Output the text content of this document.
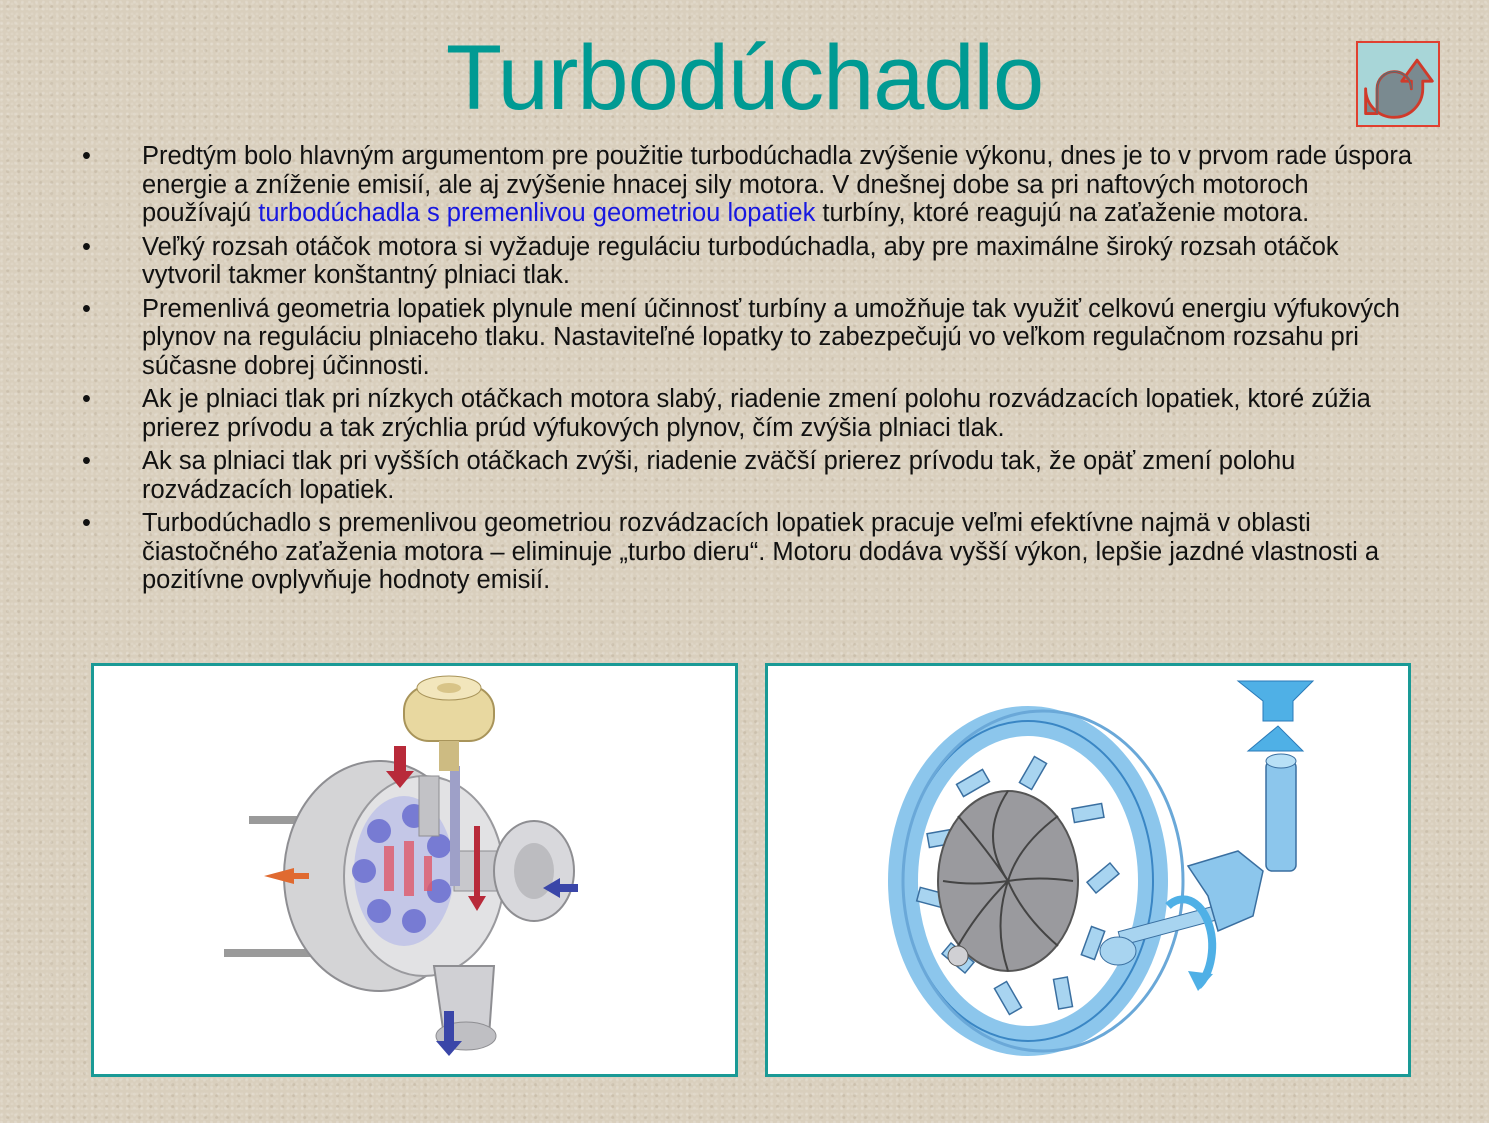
Turbodúchadlo
•	Predtým bolo hlavným argumentom pre použitie turbodúchadla zvýšenie výkonu, dnes je to v prvom rade úspora energie a zníženie emisií, ale aj zvýšenie hnacej sily motora. V dnešnej dobe sa pri naftových motoroch používajú turbodúchadla s premenlivou geometriou lopatiek turbíny, ktoré reagujú na zaťaženie motora.
•	Veľký rozsah otáčok motora si vyžaduje reguláciu turbodúchadla, aby pre maximálne široký rozsah otáčok vytvoril takmer konštantný plniaci tlak.
•	Premenlivá geometria lopatiek plynule mení účinnosť turbíny a umožňuje tak využiť celkovú energiu výfukových plynov na reguláciu plniaceho tlaku. Nastaviteľné lopatky to zabezpečujú vo veľkom regulačnom rozsahu pri súčasne dobrej účinnosti.
•	Ak je plniaci tlak pri nízkych otáčkach motora slabý, riadenie zmení polohu rozvádzacích lopatiek, ktoré zúžia prierez prívodu a tak zrýchlia prúd výfukových plynov, čím zvýšia plniaci tlak.
•	Ak sa plniaci tlak pri vyšších otáčkach zvýši, riadenie zväčší prierez prívodu tak, že opäť zmení polohu rozvádzacích lopatiek.
•	Turbodúchadlo s premenlivou geometriou rozvádzacích lopatiek pracuje veľmi efektívne najmä v oblasti čiastočného zaťaženia motora – eliminuje „turbo dieru“. Motoru dodáva vyšší výkon, lepšie jazdné vlastnosti a pozitívne ovplyvňuje hodnoty emisií.
